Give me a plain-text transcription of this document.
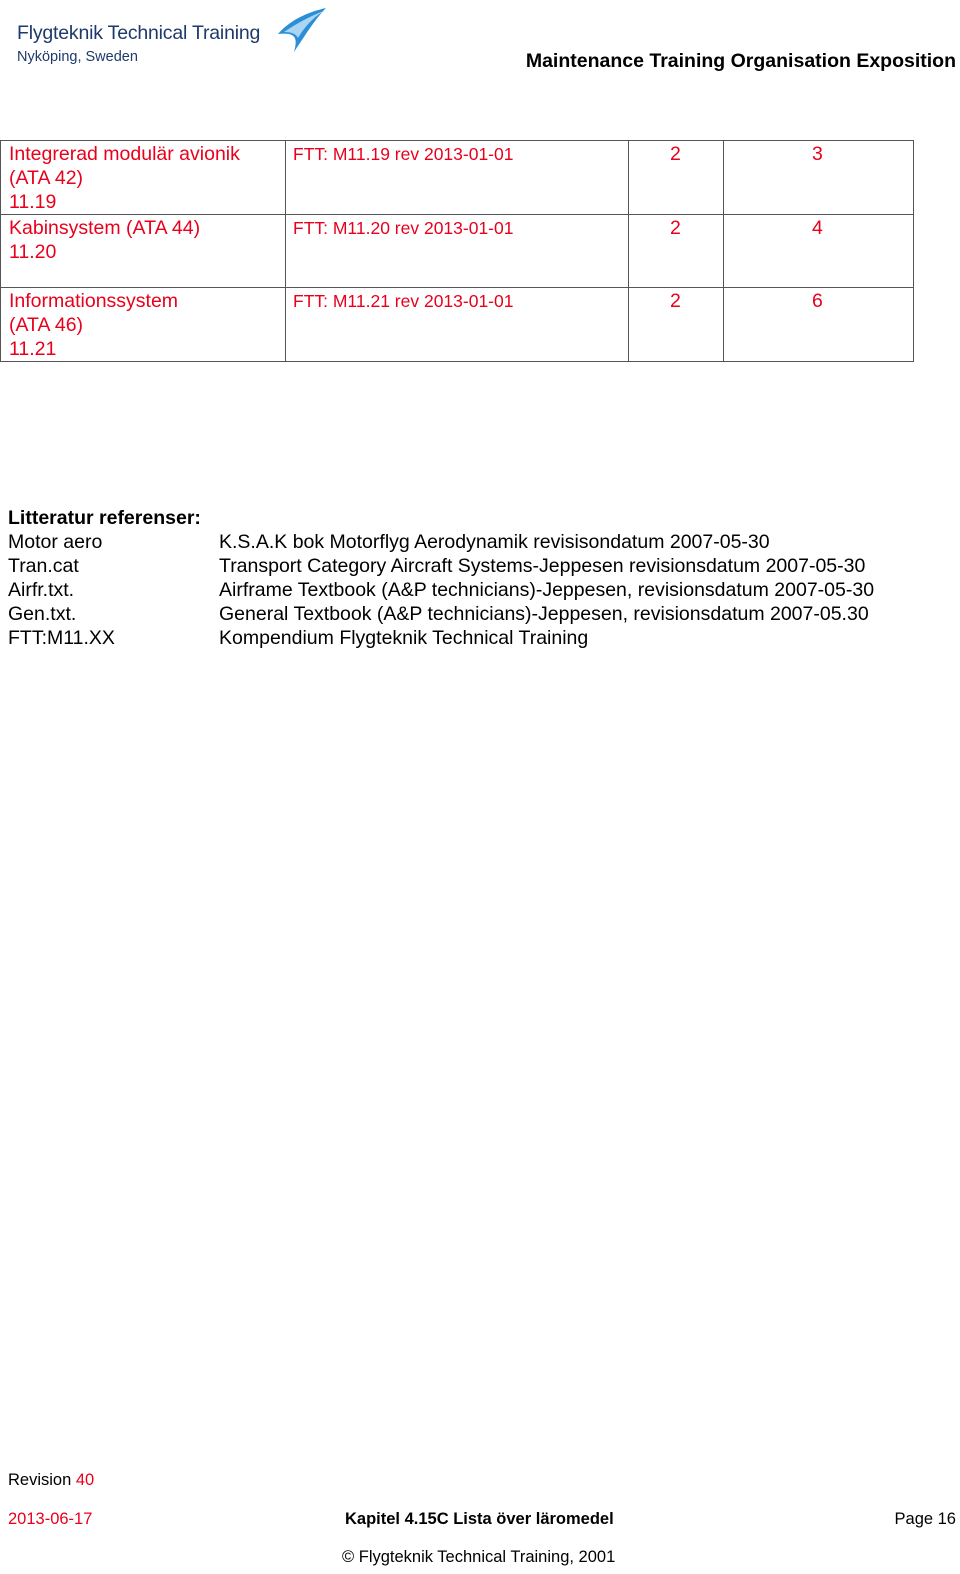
Flygteknik Technical Training
Nyköping, Sweden	Maintenance Training Organisation Exposition
Integrerad modulär avionik
(ATA 42)
11.19	FTT: M11.19 rev 2013-01-01	2	3

Kabinsystem (ATA 44)
11.20	FTT: M11.20 rev 2013-01-01	2	4

Informationssystem
(ATA 46)
11.21	FTT: M11.21 rev 2013-01-01	2	6
Litteratur referenser:
Motor aero	K.S.A.K bok Motorflyg Aerodynamik revisisondatum 2007-05-30
Tran.cat	Transport Category Aircraft Systems-Jeppesen revisionsdatum 2007-05-30
Airfr.txt.	Airframe Textbook (A&P technicians)-Jeppesen, revisionsdatum 2007-05-30
Gen.txt.	General Textbook (A&P technicians)-Jeppesen, revisionsdatum 2007-05.30
FTT:M11.XX	Kompendium Flygteknik Technical Training
Revision 40
2013-06-17	Kapitel 4.15C Lista över läromedel	Page 16
© Flygteknik Technical Training, 2001
